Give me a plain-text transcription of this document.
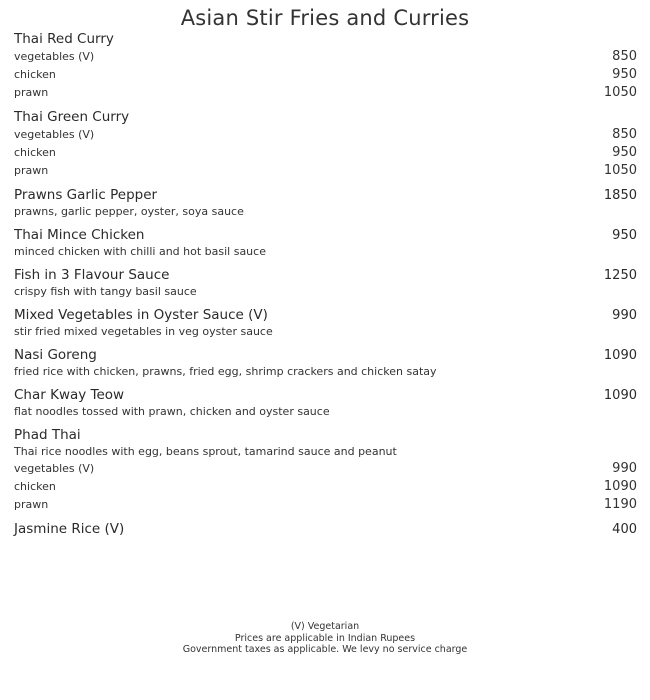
Asian Stir Fries and Curries
Thai Red Curry
vegetables (V)	850
chicken	950
prawn	1050
Thai Green Curry
vegetables (V)	850
chicken	950
prawn	1050
Prawns Garlic Pepper	1850
prawns, garlic pepper, oyster, soya sauce
Thai Mince Chicken	950
minced chicken with chilli and hot basil sauce
Fish in 3 Flavour Sauce	1250
crispy fish with tangy basil sauce
Mixed Vegetables in Oyster Sauce (V)	990
stir fried mixed vegetables in veg oyster sauce
Nasi Goreng	1090
fried rice with chicken, prawns, fried egg, shrimp crackers and chicken satay
Char Kway Teow	1090
flat noodles tossed with prawn, chicken and oyster sauce
Phad Thai
Thai rice noodles with egg, beans sprout, tamarind sauce and peanut
vegetables (V)	990
chicken	1090
prawn	1190
Jasmine Rice (V)	400
(V) Vegetarian
Prices are applicable in Indian Rupees
Government taxes as applicable. We levy no service charge
